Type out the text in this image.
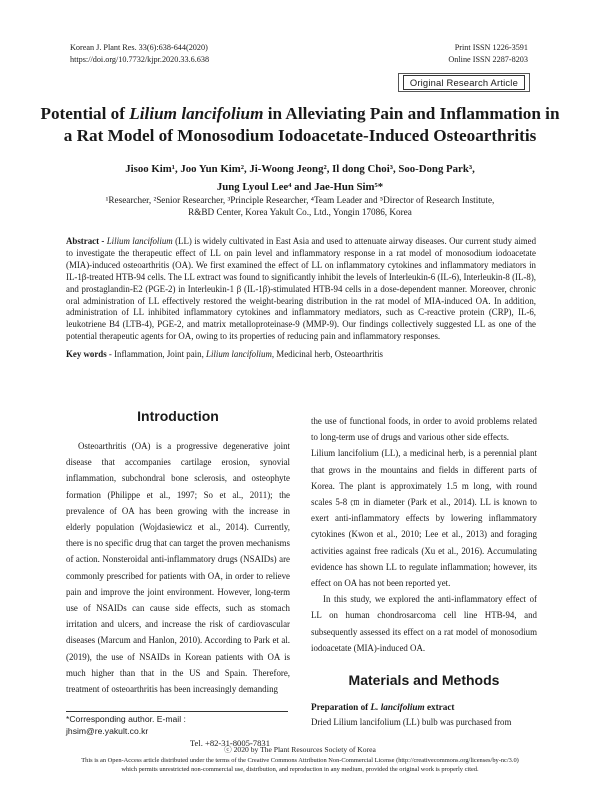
Korean J. Plant Res. 33(6):638-644(2020)
https://doi.org/10.7732/kjpr.2020.33.6.638
Print ISSN 1226-3591
Online ISSN 2287-8203
Original Research Article
Potential of Lilium lancifolium in Alleviating Pain and Inflammation in a Rat Model of Monosodium Iodoacetate-Induced Osteoarthritis
Jisoo Kim¹, Joo Yun Kim², Ji-Woong Jeong², Il dong Choi³, Soo-Dong Park³,
Jung Lyoul Lee⁴ and Jae-Hun Sim⁵*
¹Researcher, ²Senior Researcher, ³Principle Researcher, ⁴Team Leader and ⁵Director of Research Institute,
R&BD Center, Korea Yakult Co., Ltd., Yongin 17086, Korea
Abstract - Lilium lancifolium (LL) is widely cultivated in East Asia and used to attenuate airway diseases. Our current study aimed to investigate the therapeutic effect of LL on pain level and inflammatory response in a rat model of monosodium iodoacetate (MIA)-induced osteoarthritis (OA). We first examined the effect of LL on inflammatory cytokines and inflammatory mediators in IL-1β-treated HTB-94 cells. The LL extract was found to significantly inhibit the levels of Interleukin-6 (IL-6), Interleukin-8 (IL-8), and prostaglandin-E2 (PGE-2) in Interleukin-1 β (IL-1β)-stimulated HTB-94 cells in a dose-dependent manner. Moreover, chronic oral administration of LL effectively restored the weight-bearing distribution in the rat model of MIA-induced OA. In addition, administration of LL inhibited inflammatory cytokines and inflammatory mediators, such as C-reactive protein (CRP), IL-6, leukotriene B4 (LTB-4), PGE-2, and matrix metalloproteinase-9 (MMP-9). Our findings collectively suggested LL as one of the potential therapeutic agents for OA, owing to its properties of reducing pain and inflammatory responses.
Key words - Inflammation, Joint pain, Lilium lancifolium, Medicinal herb, Osteoarthritis
Introduction

Osteoarthritis (OA) is a progressive degenerative joint disease that accompanies cartilage erosion, synovial inflammation, subchondral bone sclerosis, and osteophyte formation (Philippe et al., 1997; So et al., 2011); the prevalence of OA has been growing with the increase in elderly population (Wojdasiewicz et al., 2014). Currently, there is no specific drug that can target the proven mechanisms of action. Nonsteroidal anti-inflammatory drugs (NSAIDs) are commonly prescribed for patients with OA, in order to relieve pain and improve the joint environment. However, long-term use of NSAIDs can cause side effects, such as stomach irritation and ulcers, and increase the risk of cardiovascular diseases (Marcum and Hanlon, 2010). According to Park et al. (2019), the use of NSAIDs in Korean patients with OA is much higher than that in the US and Spain. Therefore, treatment of osteoarthritis has been increasingly demanding

the use of functional foods, in order to avoid problems related to long-term use of drugs and various other side effects.

Lilium lancifolium (LL), a medicinal herb, is a perennial plant that grows in the mountains and fields in different parts of Korea. The plant is approximately 1.5 m long, with round scales 5-8 ㎝ in diameter (Park et al., 2014). LL is known to exert anti-inflammatory effects by lowering inflammatory cytokines (Kwon et al., 2010; Lee et al., 2013) and foraging activities against free radicals (Xu et al., 2016). Accumulating evidence has shown LL to regulate inflammation; however, its effect on OA has not been reported yet.

In this study, we explored the anti-inflammatory effect of LL on human chondrosarcoma cell line HTB-94, and subsequently assessed its effect on a rat model of monosodium iodoacetate (MIA)-induced OA.

Materials and Methods

Preparation of L. lancifolium extract

Dried Lilium lancifolium (LL) bulb was purchased from

*Corresponding author. E-mail : jhsim@re.yakult.co.kr
Tel. +82-31-8005-7831
ⓒ 2020 by The Plant Resources Society of Korea
This is an Open-Access article distributed under the terms of the Creative Commons Attribution Non-Commercial License (http://creativecommons.org/licenses/by-nc/3.0)
which permits unrestricted non-commercial use, distribution, and reproduction in any medium, provided the original work is properly cited.
